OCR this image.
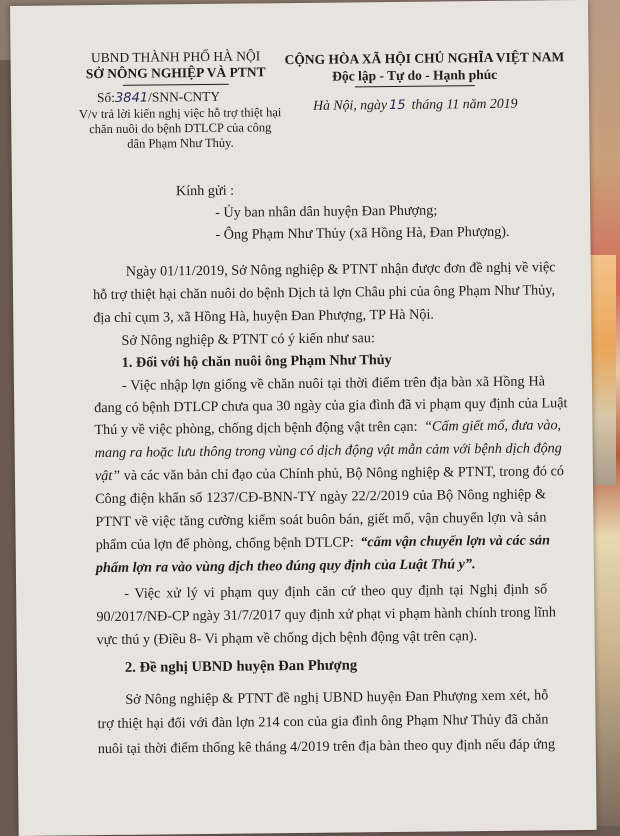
UBND THÀNH PHỐ HÀ NỘI
SỞ NÔNG NGHIỆP VÀ PTNT
Số:3841/SNN-CNTY
V/v trả lời kiến nghị việc hỗ trợ thiệt hại
chăn nuôi do bệnh DTLCP của công
dân Phạm Như Thủy.
CỘNG HÒA XÃ HỘI CHỦ NGHĨA VIỆT NAM
Độc lập - Tự do - Hạnh phúc
Hà Nội, ngày 15 tháng 11 năm 2019
Kính gửi :
- Ủy ban nhân dân huyện Đan Phượng;
- Ông Phạm Như Thủy (xã Hồng Hà, Đan Phượng).
Ngày 01/11/2019, Sở Nông nghiệp & PTNT nhận được đơn đề nghị về việc
hỗ trợ thiệt hại chăn nuôi do bệnh Dịch tả lợn Châu phi của ông Phạm Như Thủy,
địa chỉ cụm 3, xã Hồng Hà, huyện Đan Phượng, TP Hà Nội.
Sở Nông nghiệp & PTNT có ý kiến như sau:
1. Đối với hộ chăn nuôi ông Phạm Như Thủy
- Việc nhập lợn giống về chăn nuôi tại thời điểm trên địa bàn xã Hồng Hà
đang có bệnh DTLCP chưa qua 30 ngày của gia đình đã vi phạm quy định của Luật
Thú y về việc phòng, chống dịch bệnh động vật trên cạn: “Cấm giết mổ, đưa vào,
mang ra hoặc lưu thông trong vùng có dịch động vật mẫn cảm với bệnh dịch động
vật” và các văn bản chỉ đạo của Chính phủ, Bộ Nông nghiệp & PTNT, trong đó có
Công điện khẩn số 1237/CĐ-BNN-TY ngày 22/2/2019 của Bộ Nông nghiệp &
PTNT về việc tăng cường kiểm soát buôn bán, giết mổ, vận chuyển lợn và sản
phẩm của lợn để phòng, chống bệnh DTLCP: “cấm vận chuyển lợn và các sản
phẩm lợn ra vào vùng dịch theo đúng quy định của Luật Thú y”.
- Việc xử lý vi phạm quy định căn cứ theo quy định tại Nghị định số
90/2017/NĐ-CP ngày 31/7/2017 quy định xử phạt vi phạm hành chính trong lĩnh
vực thú y (Điều 8- Vi phạm về chống dịch bệnh động vật trên cạn).
2. Đề nghị UBND huyện Đan Phượng
Sở Nông nghiệp & PTNT đề nghị UBND huyện Đan Phượng xem xét, hỗ
trợ thiệt hại đối với đàn lợn 214 con của gia đình ông Phạm Như Thủy đã chăn
nuôi tại thời điểm thống kê tháng 4/2019 trên địa bàn theo quy định nếu đáp ứng
